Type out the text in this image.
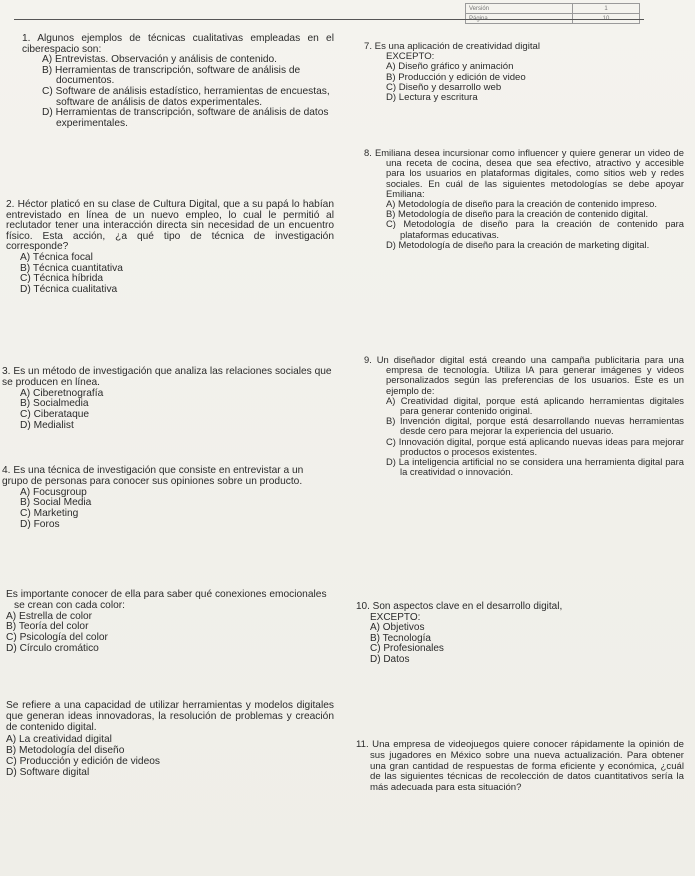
Versión	1

1. Algunos ejemplos de técnicas cualitativas empleadas en el ciberespacio son:

A) Entrevistas. Observación y análisis de contenido.

B) Herramientas de transcripción, software de análisis de documentos.

C) Software de análisis estadístico, herramientas de encuestas, software de análisis de datos experimentales.

D) Herramientas de transcripción, software de análisis de datos experimentales.

2. Héctor platicó en su clase de Cultura Digital, que a su papá lo habían entrevistado en línea de un nuevo empleo, lo cual le permitió al reclutador tener una interacción directa sin necesidad de un encuentro físico. Esta acción, ¿a qué tipo de técnica de investigación corresponde?

A) Técnica focal

B) Técnica cuantitativa

C) Técnica híbrida

D) Técnica cualitativa

3. Es un método de investigación que analiza las relaciones sociales que se producen en línea.

A) Ciberetnografía

B) Socialmedia

C) Ciberataque

D) Medialist

4. Es una técnica de investigación que consiste en entrevistar a un grupo de personas para conocer sus opiniones sobre un producto.

A) Focusgroup

B) Social Media

C) Marketing

D) Foros

Es importante conocer de ella para saber qué conexiones emocionales se crean con cada color:

A) Estrella de color

B) Teoría del color

C) Psicología del color

D) Círculo cromático

Se refiere a una capacidad de utilizar herramientas y modelos digitales que generan ideas innovadoras, la resolución de problemas y creación de contenido digital.

A) La creatividad digital

B) Metodología del diseño

C) Producción y edición de videos

D) Software digital

7. Es una aplicación de creatividad digital

EXCEPTO:

A) Diseño gráfico y animación

B) Producción y edición de video

C) Diseño y desarrollo web

D) Lectura y escritura

8. Emiliana desea incursionar como influencer y quiere generar un video de una receta de cocina, desea que sea efectivo, atractivo y accesible para los usuarios en plataformas digitales, como sitios web y redes sociales. En cuál de las siguientes metodologías se debe apoyar Emiliana:

A) Metodología de diseño para la creación de contenido impreso.

B) Metodología de diseño para la creación de contenido digital.

C) Metodología de diseño para la creación de contenido para plataformas educativas.

D) Metodología de diseño para la creación de marketing digital.

9. Un diseñador digital está creando una campaña publicitaria para una empresa de tecnología. Utiliza IA para generar imágenes y videos personalizados según las preferencias de los usuarios. Este es un ejemplo de:

A) Creatividad digital, porque está aplicando herramientas digitales para generar contenido original.

B) Invención digital, porque está desarrollando nuevas herramientas desde cero para mejorar la experiencia del usuario.

C) Innovación digital, porque está aplicando nuevas ideas para mejorar productos o procesos existentes.

D) La inteligencia artificial no se considera una herramienta digital para la creatividad o innovación.

10. Son aspectos clave en el desarrollo digital,

EXCEPTO:

A) Objetivos

B) Tecnología

C) Profesionales

D) Datos

11. Una empresa de videojuegos quiere conocer rápidamente la opinión de sus jugadores en México sobre una nueva actualización. Para obtener una gran cantidad de respuestas de forma eficiente y económica, ¿cuál de las siguientes técnicas de recolección de datos cuantitativos sería la más adecuada para esta situación?
